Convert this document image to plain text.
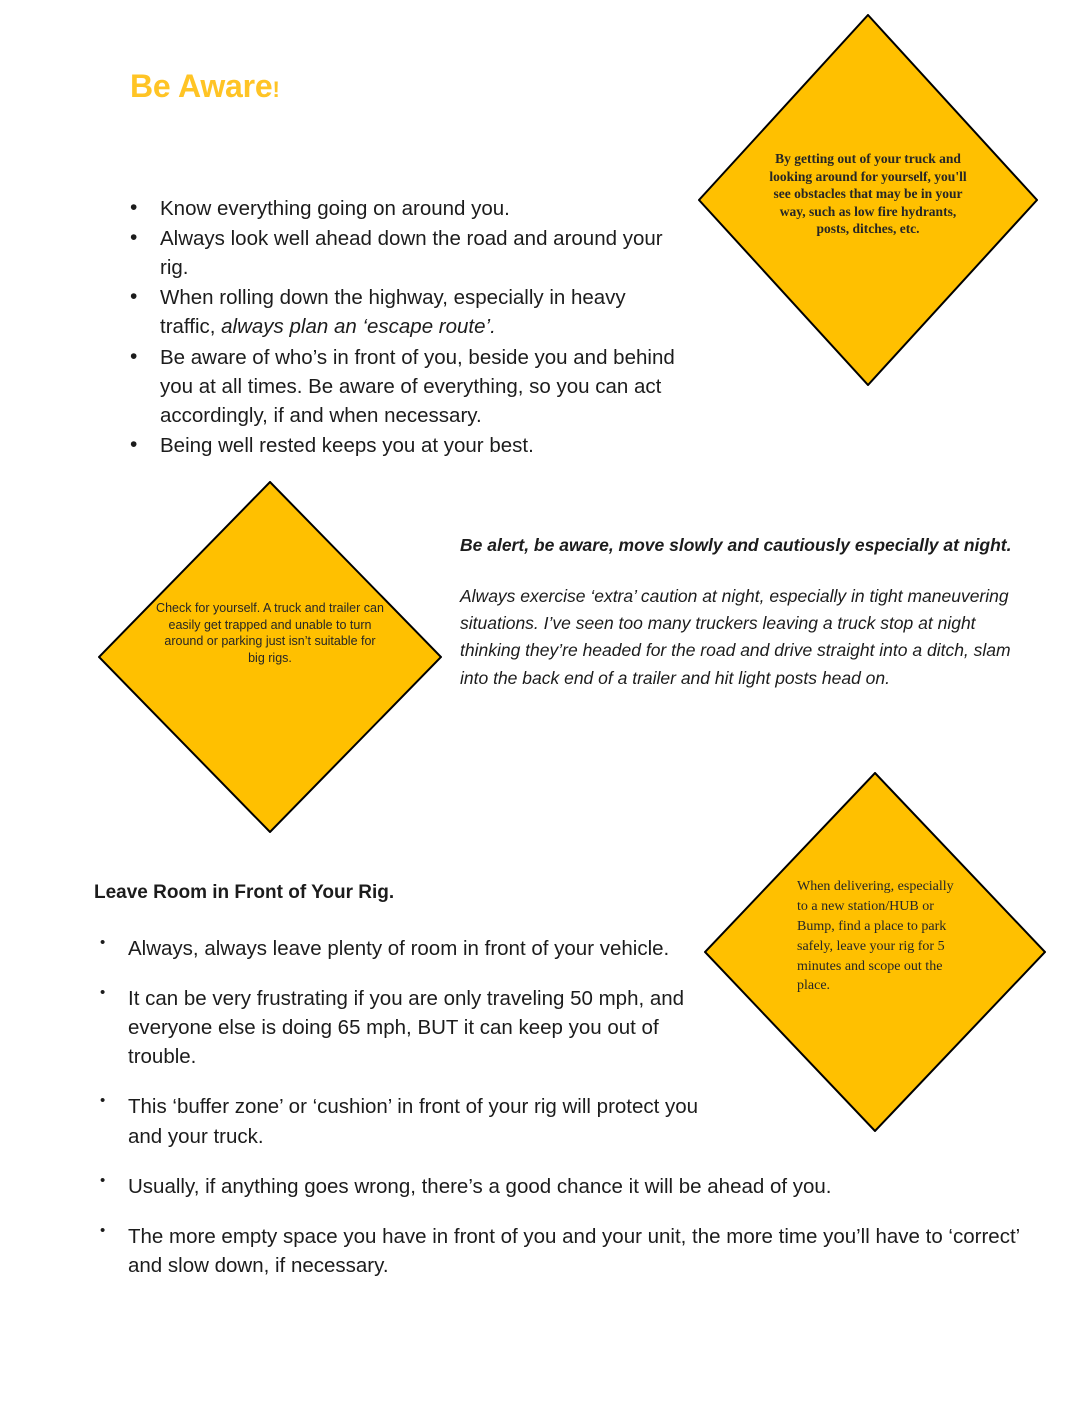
Be Aware!
By getting out of your truck and looking around for yourself, you'll see obstacles that may be in your way, such as low fire hydrants, posts, ditches, etc.
Check for yourself. A truck and trailer can easily get trapped and unable to turn around or parking just isn’t suitable for big rigs.
When delivering, especially to a new station/HUB or Bump, find a place to park safely, leave your rig for 5 minutes and scope out the place.
• Know everything going on around you.
• Always look well ahead down the road and around your rig.
• When rolling down the highway, especially in heavy traffic, always plan an ‘escape route’.
• Be aware of who’s in front of you, beside you and behind you at all times. Be aware of everything, so you can act accordingly, if and when necessary.
• Being well rested keeps you at your best.

Be alert, be aware, move slowly and cautiously especially at night.

Always exercise ‘extra’ caution at night, especially in tight maneuvering situations. I’ve seen too many truckers leaving a truck stop at night thinking they’re headed for the road and drive straight into a ditch, slam into the back end of a trailer and hit light posts head on.

Leave Room in Front of Your Rig.
• Always, always leave plenty of room in front of your vehicle.
• It can be very frustrating if you are only traveling 50 mph, and everyone else is doing 65 mph, BUT it can keep you out of trouble.
• This ‘buffer zone’ or ‘cushion’ in front of your rig will protect you and your truck.
• Usually, if anything goes wrong, there’s a good chance it will be ahead of you.
• The more empty space you have in front of you and your unit, the more time you’ll have to ‘correct’ and slow down, if necessary.
